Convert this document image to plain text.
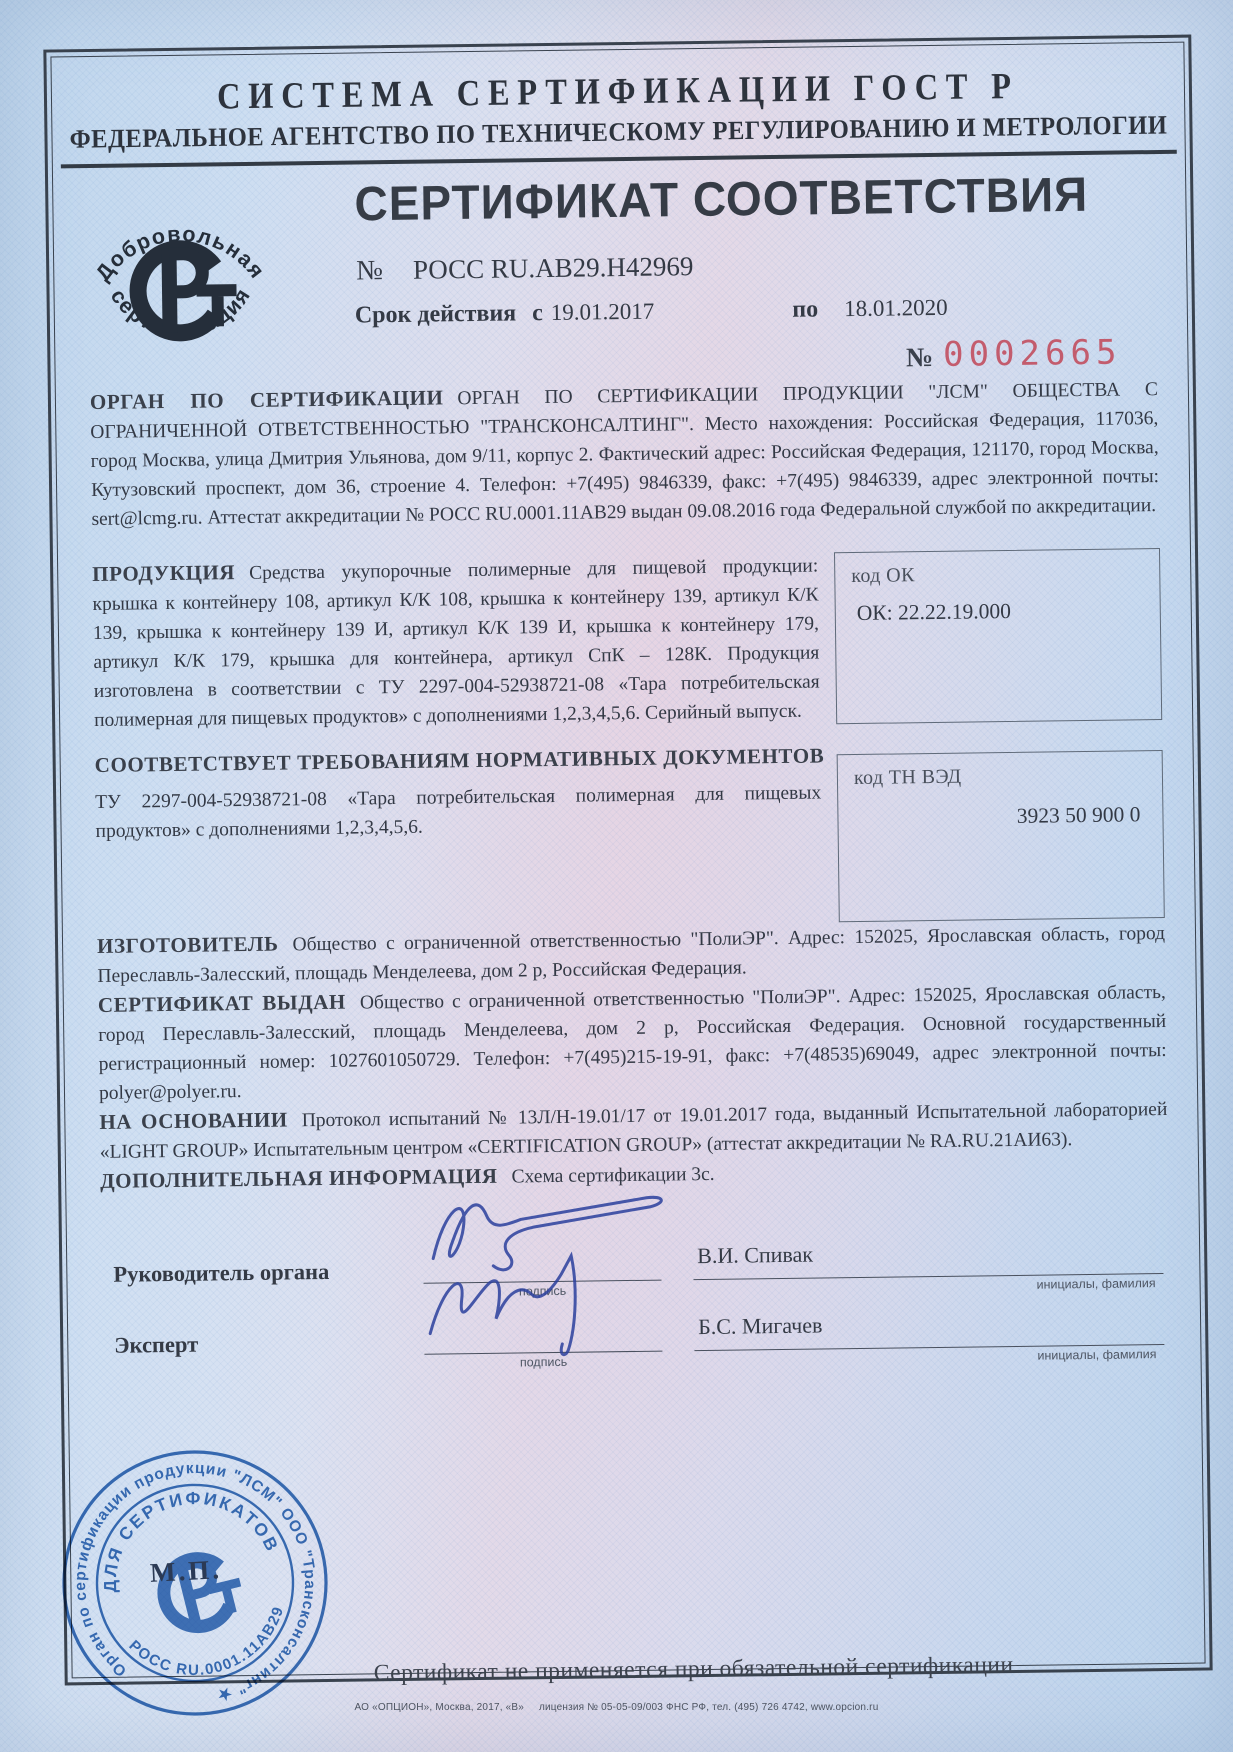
СИСТЕМА СЕРТИФИКАЦИИ ГОСТ Р
ФЕДЕРАЛЬНОЕ АГЕНТСТВО ПО ТЕХНИЧЕСКОМУ РЕГУЛИРОВАНИЮ И МЕТРОЛОГИИ
Добровольная
сертификация
СЕРТИФИКАТ СООТВЕТСТВИЯ
№ РОСС RU.АВ29.Н42969
Срок действия с 19.01.2017	по 18.01.2020
№ 0002665

ОРГАН ПО СЕРТИФИКАЦИИ ОРГАН ПО СЕРТИФИКАЦИИ ПРОДУКЦИИ "ЛСМ" ОБЩЕСТВА С ОГРАНИЧЕННОЙ ОТВЕТСТВЕННОСТЬЮ "ТРАНСКОНСАЛТИНГ". Место нахождения: Российская Федерация, 117036, город Москва, улица Дмитрия Ульянова, дом 9/11, корпус 2. Фактический адрес: Российская Федерация, 121170, город Москва, Кутузовский проспект, дом 36, строение 4. Телефон: +7(495) 9846339, факс: +7(495) 9846339, адрес электронной почты: sert@lcmg.ru. Аттестат аккредитации № РОСС RU.0001.11АВ29 выдан 09.08.2016 года Федеральной службой по аккредитации.

ПРОДУКЦИЯ Средства укупорочные полимерные для пищевой продукции: крышка к контейнеру 108, артикул К/К 108, крышка к контейнеру 139, артикул К/К 139, крышка к контейнеру 139 И, артикул К/К 139 И, крышка к контейнеру 179, артикул К/К 179, крышка для контейнера, артикул СпК – 128К. Продукция изготовлена в соответствии с ТУ 2297-004-52938721-08 «Тара потребительская полимерная для пищевых продуктов» с дополнениями 1,2,3,4,5,6. Серийный выпуск.

код ОК
ОК: 22.22.19.000
СООТВЕТСТВУЕТ ТРЕБОВАНИЯМ НОРМАТИВНЫХ ДОКУМЕНТОВ

ТУ 2297-004-52938721-08 «Тара потребительская полимерная для пищевых продуктов» с дополнениями 1,2,3,4,5,6.

код ТН ВЭД
3923 50 900 0

ИЗГОТОВИТЕЛЬ Общество с ограниченной ответственностью "ПолиЭР". Адрес: 152025, Ярославская область, город Переславль-Залесский, площадь Менделеева, дом 2 р, Российская Федерация.

СЕРТИФИКАТ ВЫДАН Общество с ограниченной ответственностью "ПолиЭР". Адрес: 152025, Ярославская область, город Переславль-Залесский, площадь Менделеева, дом 2 р, Российская Федерация. Основной государственный регистрационный номер: 1027601050729. Телефон: +7(495)215-19-91, факс: +7(48535)69049, адрес электронной почты: polyer@polyer.ru.

НА ОСНОВАНИИ Протокол испытаний № 13Л/Н-19.01/17 от 19.01.2017 года, выданный Испытательной лабораторией «LIGHT GROUP» Испытательным центром «CERTIFICATION GROUP» (аттестат аккредитации № RA.RU.21АИ63).

ДОПОЛНИТЕЛЬНАЯ ИНФОРМАЦИЯ Схема сертификации 3с.

Руководитель органа
подпись
В.И. Спивак
инициалы, фамилия
Эксперт
подпись
Б.С. Мигачев
инициалы, фамилия
Сертификат не применяется при обязательной сертификации
Орган по сертификации продукции "ЛСМ" ООО "Трансконсалтинг" ★
ДЛЯ СЕРТИФИКАТОВ
РОСС RU.0001.11АВ29
М.П.
АО «ОПЦИОН», Москва, 2017, «В»     лицензия № 05-05-09/003 ФНС РФ, тел. (495) 726 4742, www.opcion.ru
